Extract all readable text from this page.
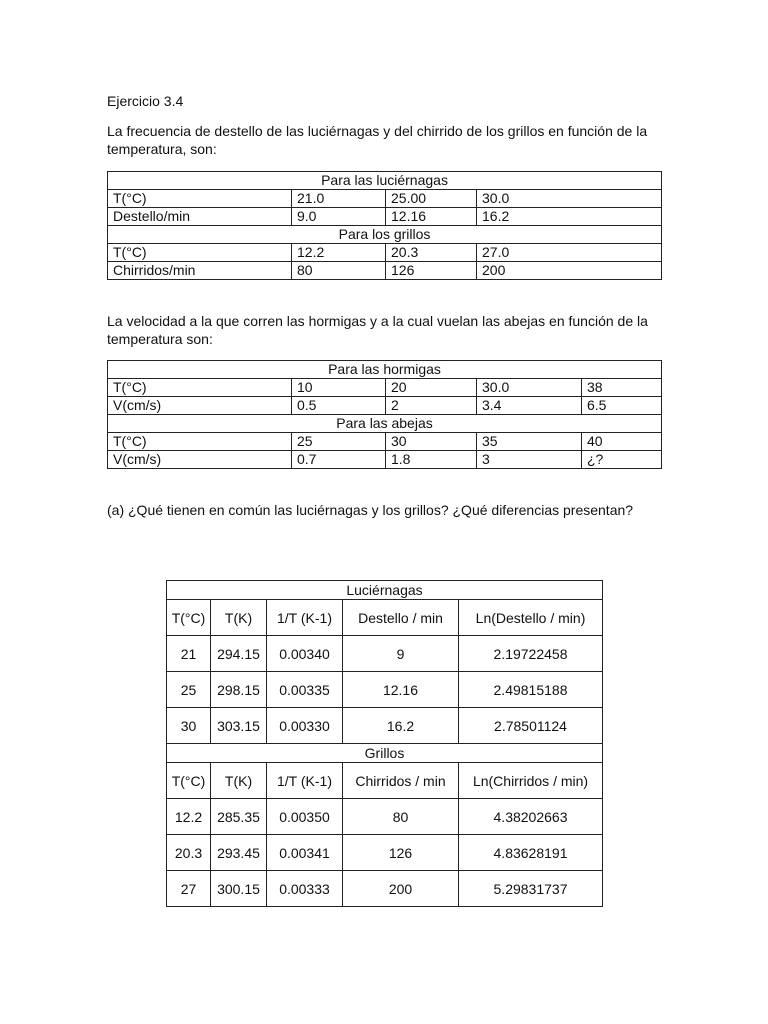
Ejercicio 3.4

La frecuencia de destello de las luciérnagas y del chirrido de los grillos en función de la temperatura, son:

Para las luciérnagas			
T(°C)	21.0	25.00	30.0
Destello/min	9.0	12.16	16.2
Para los grillos			
T(°C)	12.2	20.3	27.0
Chirridos/min	80	126	200

La velocidad a la que corren las hormigas y a la cual vuelan las abejas en función de la temperatura son:

Para las hormigas				
T(°C)	10	20	30.0	38
V(cm/s)	0.5	2	3.4	6.5
Para las abejas				
T(°C)	25	30	35	40
V(cm/s)	0.7	1.8	3	¿?

(a) ¿Qué tienen en común las luciérnagas y los grillos? ¿Qué diferencias presentan?

Luciérnagas				
T(°C)	T(K)	1/T (K-1)	Destello / min	Ln(Destello / min)
21	294.15	0.00340	9	2.19722458
25	298.15	0.00335	12.16	2.49815188
30	303.15	0.00330	16.2	2.78501124
Grillos				
T(°C)	T(K)	1/T (K-1)	Chirridos / min	Ln(Chirridos / min)
12.2	285.35	0.00350	80	4.38202663
20.3	293.45	0.00341	126	4.83628191
27	300.15	0.00333	200	5.29831737
